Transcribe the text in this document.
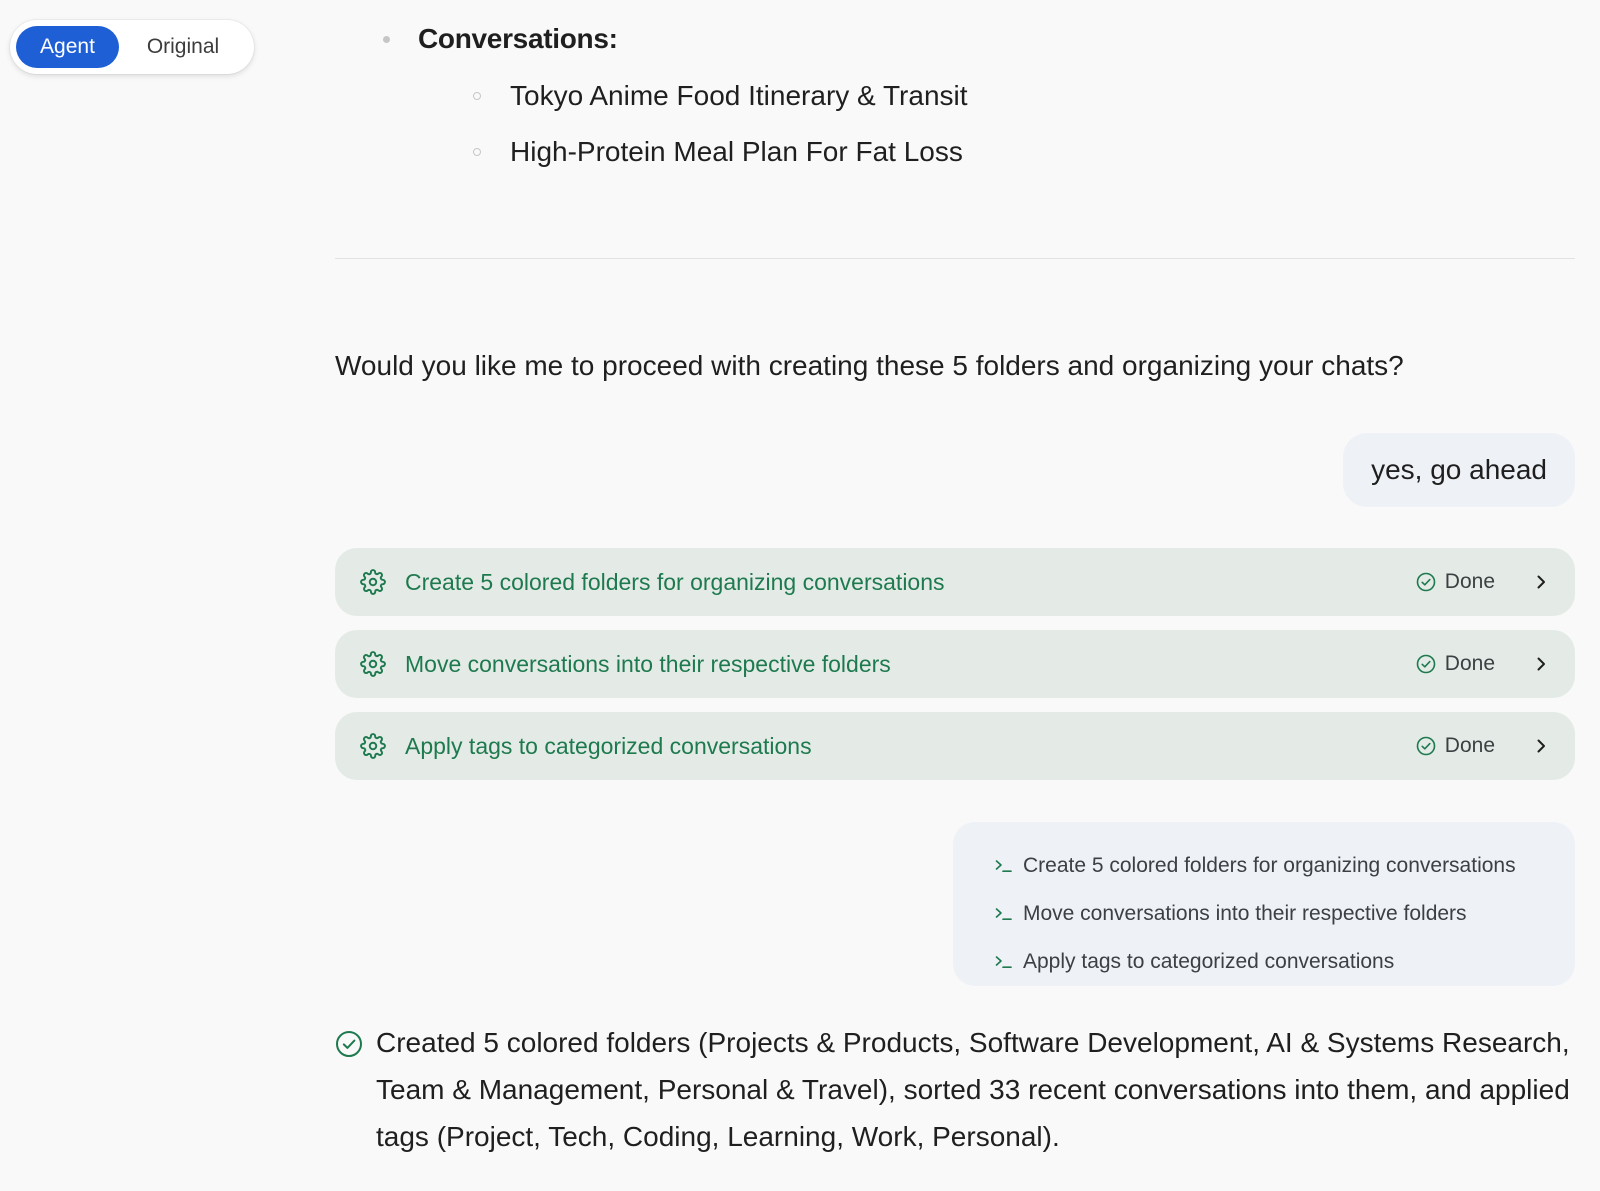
Agent	Original	Conversations:
Tokyo Anime Food Itinerary & Transit
High-Protein Meal Plan For Fat Loss
Would you like me to proceed with creating these 5 folders and organizing your chats?
yes, go ahead
Create 5 colored folders for organizing conversations	Done
Move conversations into their respective folders	Done
Apply tags to categorized conversations	Done
Create 5 colored folders for organizing conversations
Move conversations into their respective folders
Apply tags to categorized conversations
Created 5 colored folders (Projects & Products, Software Development, AI & Systems Research, Team & Management, Personal & Travel), sorted 33 recent conversations into them, and applied tags (Project, Tech, Coding, Learning, Work, Personal).
